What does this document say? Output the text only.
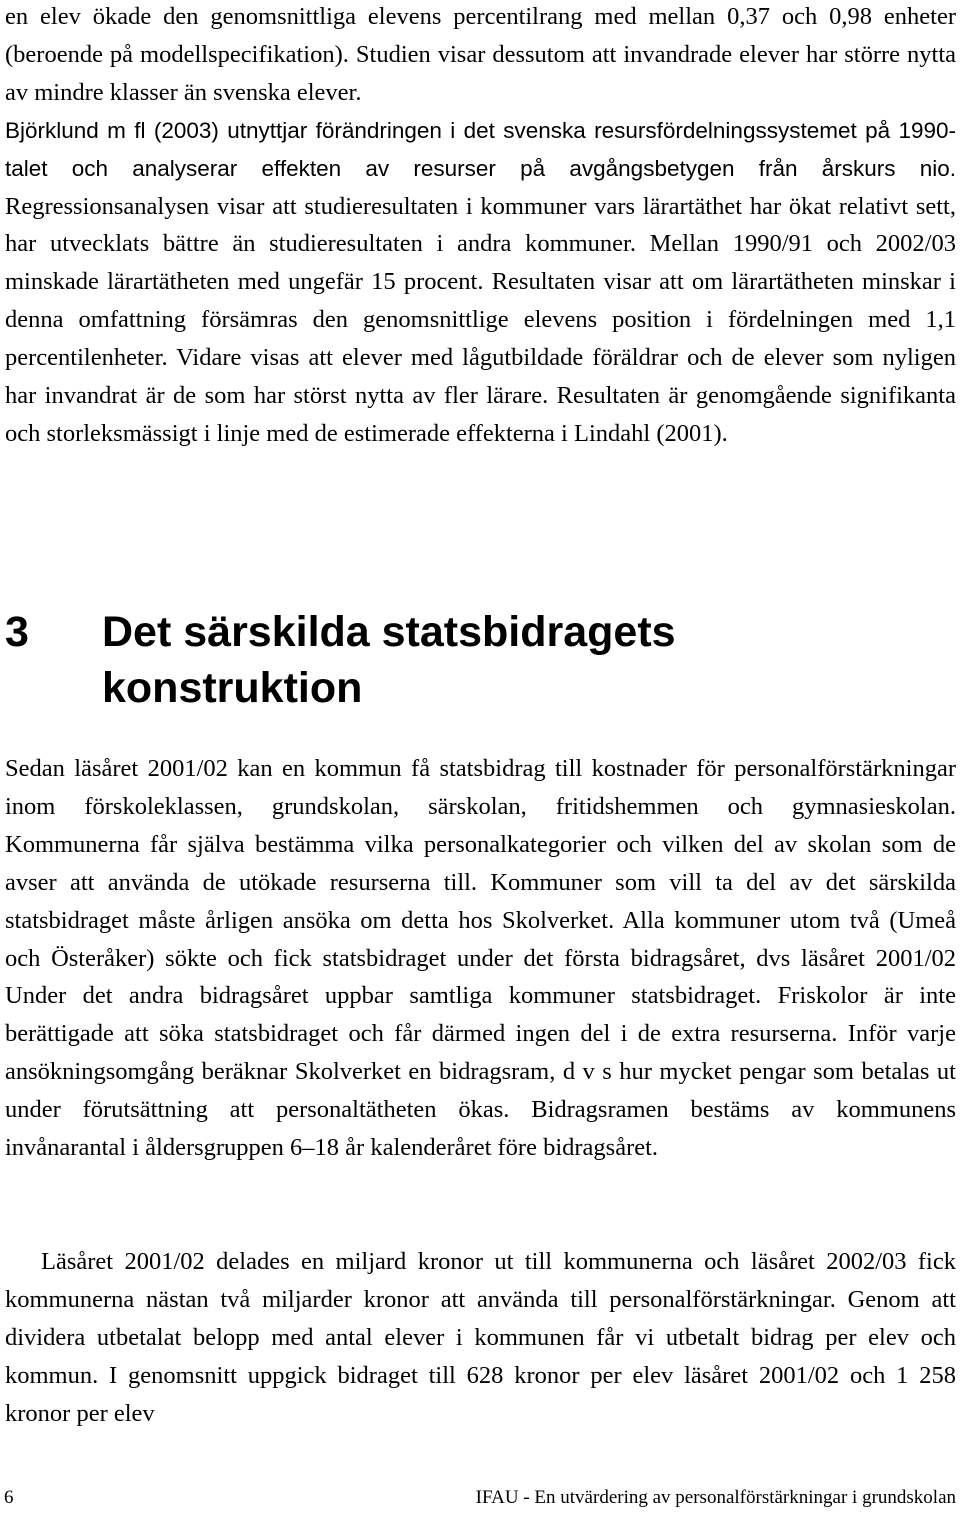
en elev ökade den genomsnittliga elevens percentilrang med mellan 0,37 och 0,98 enheter (beroende på modellspecifikation). Studien visar dessutom att invandrade elever har större nytta av mindre klasser än svenska elever.
Björklund m fl (2003) utnyttjar förändringen i det svenska resursfördelningssystemet på 1990-talet och analyserar effekten av resurser på avgångsbetygen från årskurs nio. Regressionsanalysen visar att studieresultaten i kommuner vars lärartäthet har ökat relativt sett, har utvecklats bättre än studieresultaten i andra kommuner. Mellan 1990/91 och 2002/03 minskade lärartätheten med ungefär 15 procent. Resultaten visar att om lärartätheten minskar i denna omfattning försämras den genomsnittlige elevens position i fördelningen med 1,1 percentilenheter. Vidare visas att elever med lågutbildade föräldrar och de elever som nyligen har invandrat är de som har störst nytta av fler lärare. Resultaten är genomgående signifikanta och storleksmässigt i linje med de estimerade effekterna i Lindahl (2001).
3	Det särskilda statsbidragets konstruktion
Sedan läsåret 2001/02 kan en kommun få statsbidrag till kostnader för personalförstärkningar inom förskoleklassen, grundskolan, särskolan, fritidshemmen och gymnasieskolan. Kommunerna får själva bestämma vilka personalkategorier och vilken del av skolan som de avser att använda de utökade resurserna till. Kommuner som vill ta del av det särskilda statsbidraget måste årligen ansöka om detta hos Skolverket. Alla kommuner utom två (Umeå och Österåker) sökte och fick statsbidraget under det första bidragsåret, dvs läsåret 2001/02 Under det andra bidragsåret uppbar samtliga kommuner statsbidraget. Friskolor är inte berättigade att söka statsbidraget och får därmed ingen del i de extra resurserna. Inför varje ansökningsomgång beräknar Skolverket en bidragsram, d v s hur mycket pengar som betalas ut under förutsättning att personaltätheten ökas. Bidragsramen bestäms av kommunens invånarantal i åldersgruppen 6–18 år kalenderåret före bidragsåret.
Läsåret 2001/02 delades en miljard kronor ut till kommunerna och läsåret 2002/03 fick kommunerna nästan två miljarder kronor att använda till personalförstärkningar. Genom att dividera utbetalat belopp med antal elever i kommunen får vi utbetalt bidrag per elev och kommun. I genomsnitt uppgick bidraget till 628 kronor per elev läsåret 2001/02 och 1 258 kronor per elev
6	IFAU - En utvärdering av personalförstärkningar i grundskolan
